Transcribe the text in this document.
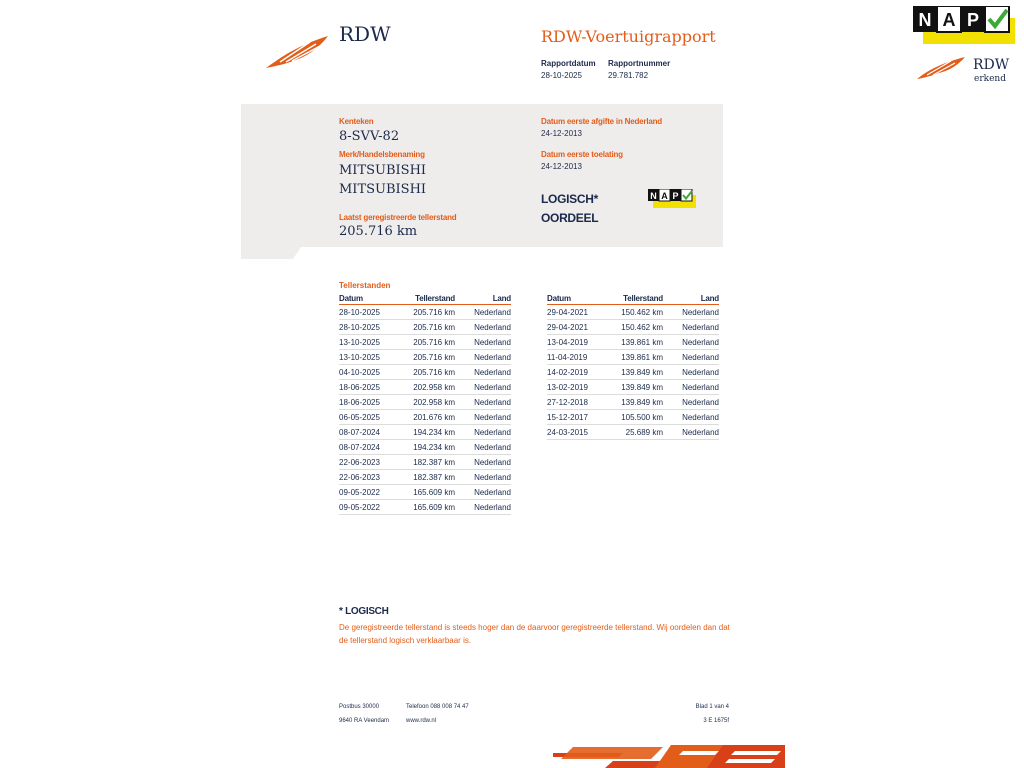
RDW	RDW-Voertuigrapport
Rapportdatum
28-10-2025
Rapportnummer
29.781.782
N A P
RDW
erkend
Kenteken
8-SVV-82
Merk/Handelsbenaming
MITSUBISHI
MITSUBISHI
Laatst geregistreerde tellerstand
205.716 km
Datum eerste afgifte in Nederland
24-12-2013
Datum eerste toelating
24-12-2013
LOGISCH*
OORDEEL
N A P
Tellerstanden
Datum	Tellerstand	Land
28-10-2025	205.716 km	Nederland
28-10-2025	205.716 km	Nederland
13-10-2025	205.716 km	Nederland
13-10-2025	205.716 km	Nederland
04-10-2025	205.716 km	Nederland
18-06-2025	202.958 km	Nederland
18-06-2025	202.958 km	Nederland
06-05-2025	201.676 km	Nederland
08-07-2024	194.234 km	Nederland
08-07-2024	194.234 km	Nederland
22-06-2023	182.387 km	Nederland
22-06-2023	182.387 km	Nederland
09-05-2022	165.609 km	Nederland
09-05-2022	165.609 km	Nederland
Datum	Tellerstand	Land
29-04-2021	150.462 km	Nederland
29-04-2021	150.462 km	Nederland
13-04-2019	139.861 km	Nederland
11-04-2019	139.861 km	Nederland
14-02-2019	139.849 km	Nederland
13-02-2019	139.849 km	Nederland
27-12-2018	139.849 km	Nederland
15-12-2017	105.500 km	Nederland
24-03-2015	25.689 km	Nederland
* LOGISCH
De geregistreerde tellerstand is steeds hoger dan de daarvoor geregistreerde tellerstand. Wij oordelen dan dat de tellerstand logisch verklaarbaar is.
Postbus 30000
9640 RA Veendam
Telefoon 088 008 74 47
www.rdw.nl
Blad 1 van 4
3 E 1675f
